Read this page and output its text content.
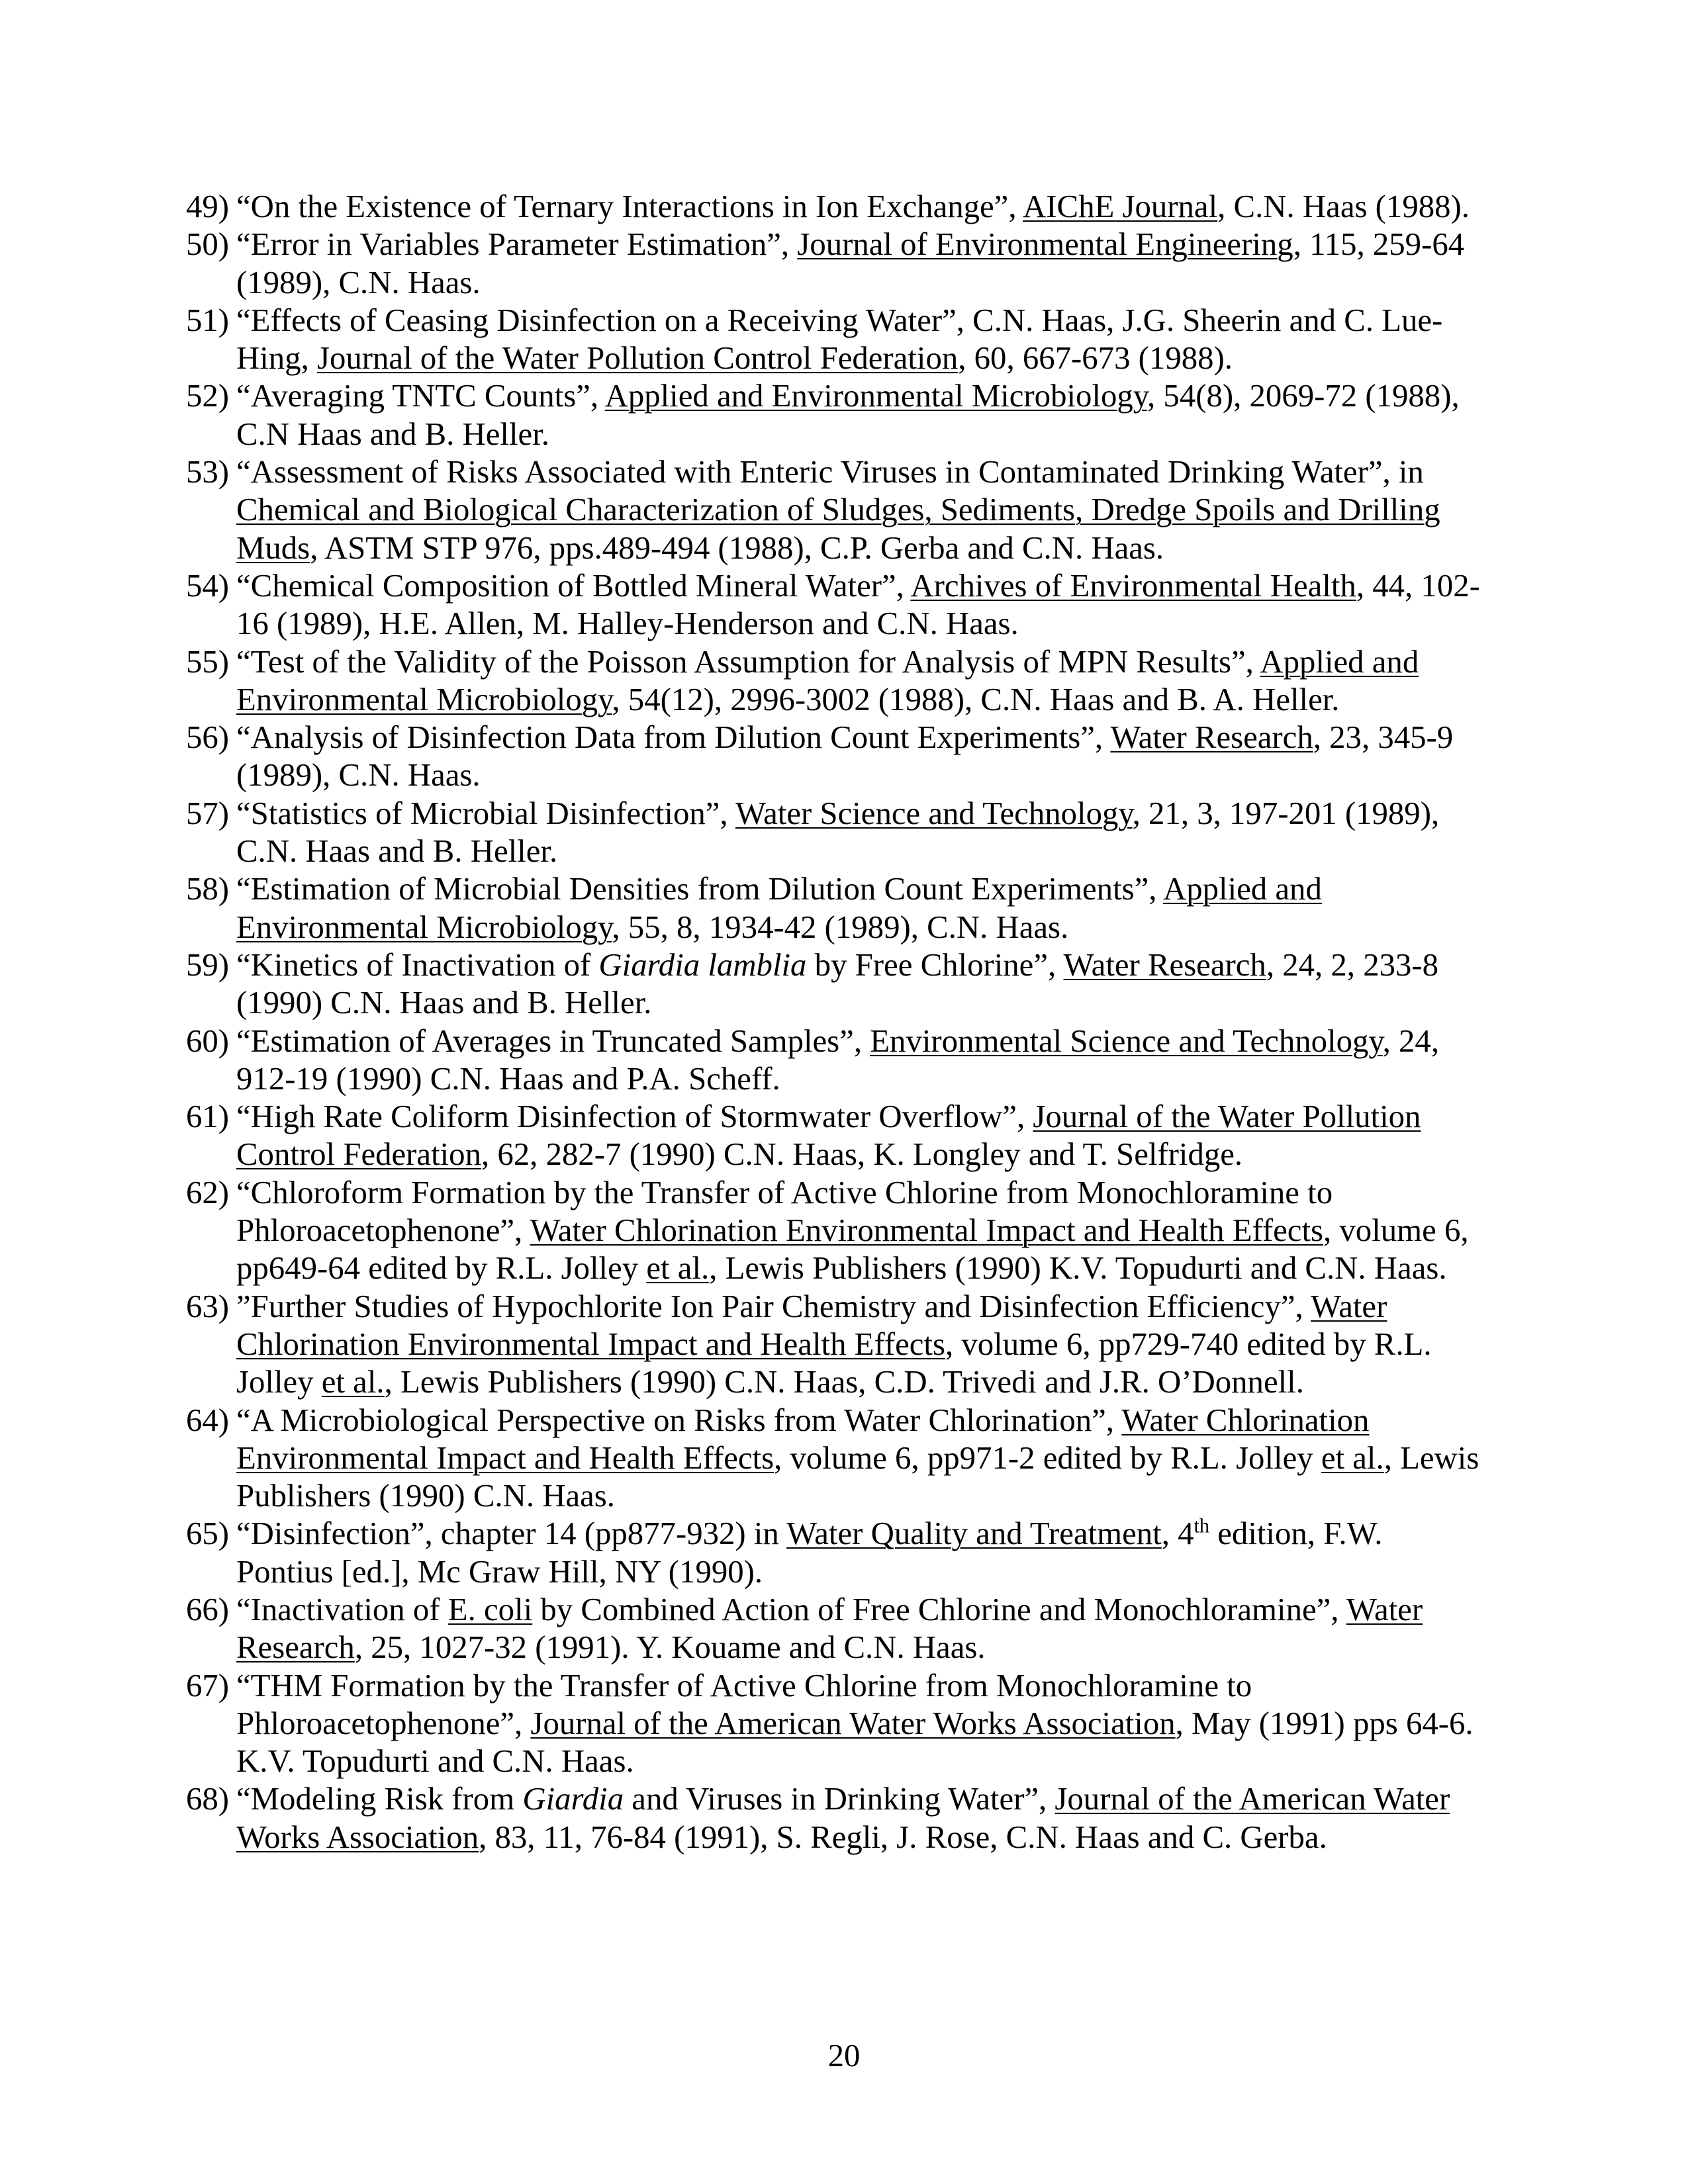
49) “On the Existence of Ternary Interactions in Ion Exchange”, AIChE Journal, C.N. Haas (1988).
50) “Error in Variables Parameter Estimation”, Journal of Environmental Engineering, 115, 259-64 (1989), C.N. Haas.
51) “Effects of Ceasing Disinfection on a Receiving Water”, C.N. Haas, J.G. Sheerin and C. Lue-Hing, Journal of the Water Pollution Control Federation, 60, 667-673 (1988).
52) “Averaging TNTC Counts”, Applied and Environmental Microbiology, 54(8), 2069-72 (1988), C.N Haas and B. Heller.
53) “Assessment of Risks Associated with Enteric Viruses in Contaminated Drinking Water”, in Chemical and Biological Characterization of Sludges, Sediments, Dredge Spoils and Drilling Muds, ASTM STP 976, pps.489-494 (1988), C.P. Gerba and C.N. Haas.
54) “Chemical Composition of Bottled Mineral Water”, Archives of Environmental Health, 44, 102-16 (1989), H.E. Allen, M. Halley-Henderson and C.N. Haas.
55) “Test of the Validity of the Poisson Assumption for Analysis of MPN Results”, Applied and Environmental Microbiology, 54(12), 2996-3002 (1988), C.N. Haas and B. A. Heller.
56) “Analysis of Disinfection Data from Dilution Count Experiments”, Water Research, 23, 345-9 (1989), C.N. Haas.
57) “Statistics of Microbial Disinfection”, Water Science and Technology, 21, 3, 197-201 (1989), C.N. Haas and B. Heller.
58) “Estimation of Microbial Densities from Dilution Count Experiments”, Applied and Environmental Microbiology, 55, 8, 1934-42 (1989), C.N. Haas.
59) “Kinetics of Inactivation of Giardia lamblia by Free Chlorine”, Water Research, 24, 2, 233-8 (1990) C.N. Haas and B. Heller.
60) “Estimation of Averages in Truncated Samples”, Environmental Science and Technology, 24, 912-19 (1990) C.N. Haas and P.A. Scheff.
61) “High Rate Coliform Disinfection of Stormwater Overflow”, Journal of the Water Pollution Control Federation, 62, 282-7 (1990) C.N. Haas, K. Longley and T. Selfridge.
62) “Chloroform Formation by the Transfer of Active Chlorine from Monochloramine to Phloroacetophenone”, Water Chlorination Environmental Impact and Health Effects, volume 6, pp649-64 edited by R.L. Jolley et al., Lewis Publishers (1990) K.V. Topudurti and C.N. Haas.
63) ”Further Studies of Hypochlorite Ion Pair Chemistry and Disinfection Efficiency”, Water Chlorination Environmental Impact and Health Effects, volume 6, pp729-740 edited by R.L. Jolley et al., Lewis Publishers (1990) C.N. Haas, C.D. Trivedi and J.R. O’Donnell.
64) “A Microbiological Perspective on Risks from Water Chlorination”, Water Chlorination Environmental Impact and Health Effects, volume 6, pp971-2 edited by R.L. Jolley et al., Lewis Publishers (1990) C.N. Haas.
65) “Disinfection”, chapter 14 (pp877-932) in Water Quality and Treatment, 4th edition, F.W. Pontius [ed.], Mc Graw Hill, NY (1990).
66) “Inactivation of E. coli by Combined Action of Free Chlorine and Monochloramine”, Water Research, 25, 1027-32 (1991). Y. Kouame and C.N. Haas.
67) “THM Formation by the Transfer of Active Chlorine from Monochloramine to Phloroacetophenone”, Journal of the American Water Works Association, May (1991) pps 64-6. K.V. Topudurti and C.N. Haas.
68) “Modeling Risk from Giardia and Viruses in Drinking Water”, Journal of the American Water Works Association, 83, 11, 76-84 (1991), S. Regli, J. Rose, C.N. Haas and C. Gerba.
20
